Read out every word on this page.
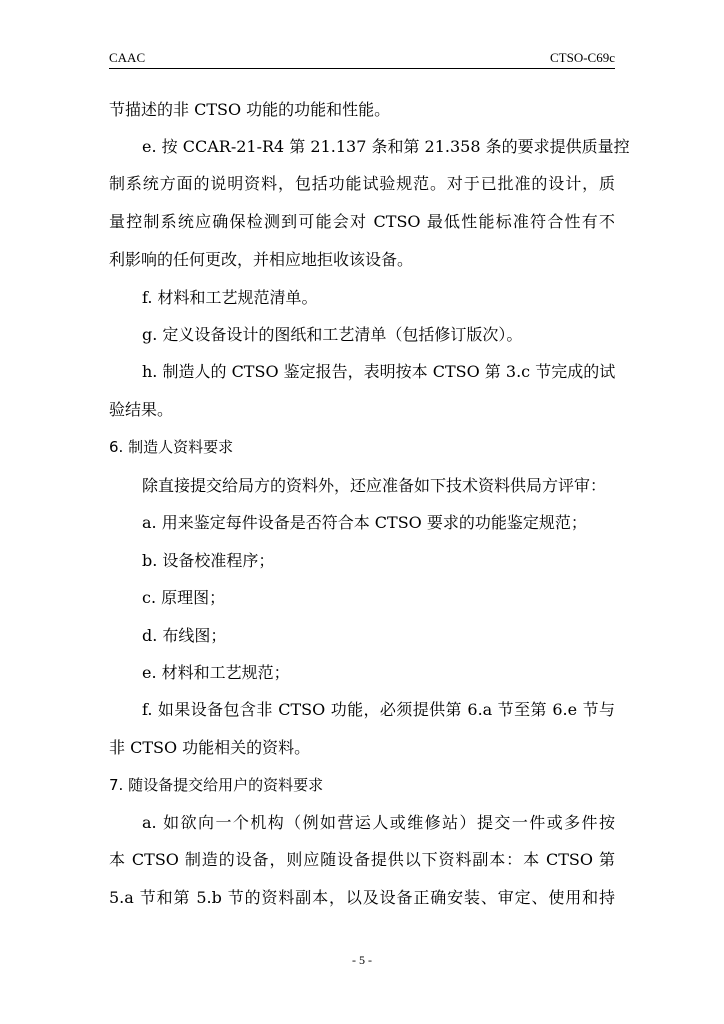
CAAC	CTSO-C69c
节描述的非 CTSO 功能的功能和性能。
e. 按 CCAR-21-R4 第 21.137 条和第 21.358 条的要求提供质量控
制系统方面的说明资料，包括功能试验规范。对于已批准的设计，质
量控制系统应确保检测到可能会对 CTSO 最低性能标准符合性有不
利影响的任何更改，并相应地拒收该设备。
f. 材料和工艺规范清单。
g. 定义设备设计的图纸和工艺清单（包括修订版次）。
h. 制造人的 CTSO 鉴定报告，表明按本 CTSO 第 3.c 节完成的试
验结果。
6. 制造人资料要求
除直接提交给局方的资料外，还应准备如下技术资料供局方评审：
a. 用来鉴定每件设备是否符合本 CTSO 要求的功能鉴定规范；
b. 设备校准程序；
c. 原理图；
d. 布线图；
e. 材料和工艺规范；
f. 如果设备包含非 CTSO 功能，必须提供第 6.a 节至第 6.e 节与
非 CTSO 功能相关的资料。
7. 随设备提交给用户的资料要求
a. 如欲向一个机构（例如营运人或维修站）提交一件或多件按
本 CTSO 制造的设备，则应随设备提供以下资料副本：本 CTSO 第
5.a 节和第 5.b 节的资料副本，以及设备正确安装、审定、使用和持
- 5 -
